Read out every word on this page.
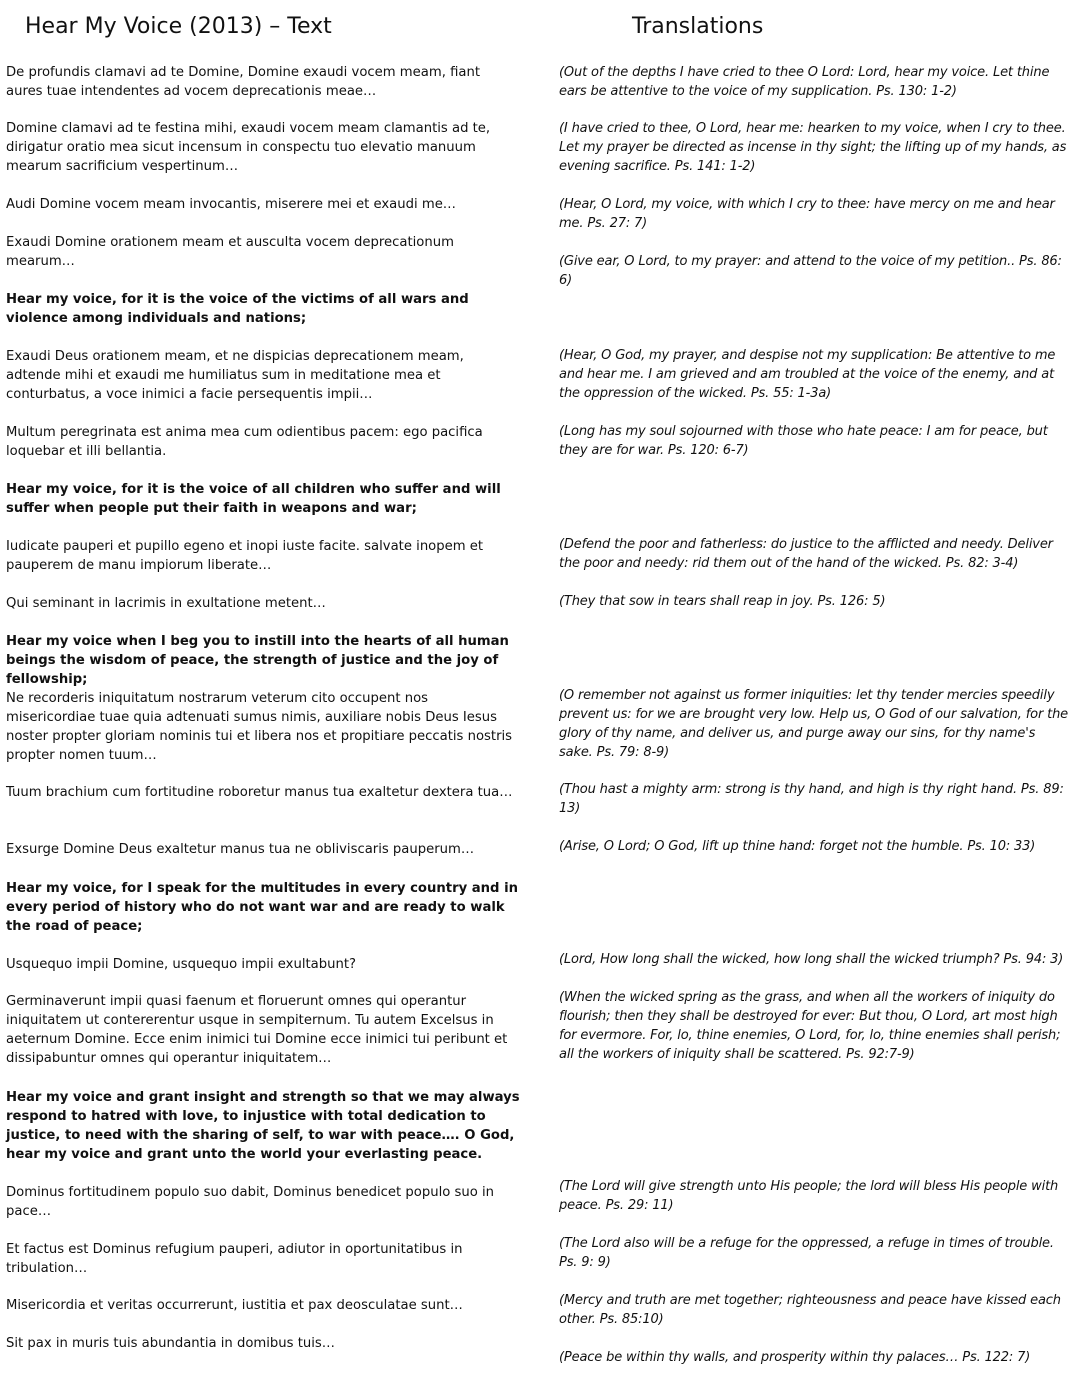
Hear My Voice (2013) – Text	Translations

De profundis clamavi ad te Domine, Domine exaudi vocem meam, fiant aures tuae intendentes ad vocem deprecationis meae…

Domine clamavi ad te festina mihi, exaudi vocem meam clamantis ad te, dirigatur oratio mea sicut incensum in conspectu tuo elevatio manuum mearum sacrificium vespertinum…

Audi Domine vocem meam invocantis, miserere mei et exaudi me…

Exaudi Domine orationem meam et ausculta vocem deprecationum mearum…

Hear my voice, for it is the voice of the victims of all wars and violence among individuals and nations;

Exaudi Deus orationem meam, et ne dispicias deprecationem meam, adtende mihi et exaudi me humiliatus sum in meditatione mea et conturbatus, a voce inimici a facie persequentis impii…

Multum peregrinata est anima mea cum odientibus pacem: ego pacifica loquebar et illi bellantia.

Hear my voice, for it is the voice of all children who suffer and will suffer when people put their faith in weapons and war;

Iudicate pauperi et pupillo egeno et inopi iuste facite. salvate inopem et pauperem de manu impiorum liberate…

Qui seminant in lacrimis in exultatione metent…

Hear my voice when I beg you to instill into the hearts of all human beings the wisdom of peace, the strength of justice and the joy of fellowship;

Ne recorderis iniquitatum nostrarum veterum cito occupent nos misericordiae tuae quia adtenuati sumus nimis, auxiliare nobis Deus Iesus noster propter gloriam nominis tui et libera nos et propitiare peccatis nostris propter nomen tuum…

Tuum brachium cum fortitudine roboretur manus tua exaltetur dextera tua…

Exsurge Domine Deus exaltetur manus tua ne obliviscaris pauperum…

Hear my voice, for I speak for the multitudes in every country and in every period of history who do not want war and are ready to walk the road of peace;

Usquequo impii Domine, usquequo impii exultabunt?

Germinaverunt impii quasi faenum et floruerunt omnes qui operantur iniquitatem ut contererentur usque in sempiternum. Tu autem Excelsus in aeternum Domine. Ecce enim inimici tui Domine ecce inimici tui peribunt et dissipabuntur omnes qui operantur iniquitatem…

Hear my voice and grant insight and strength so that we may always respond to hatred with love, to injustice with total dedication to justice, to need with the sharing of self, to war with peace…. O God, hear my voice and grant unto the world your everlasting peace.

Dominus fortitudinem populo suo dabit, Dominus benedicet populo suo in pace…

Et factus est Dominus refugium pauperi, adiutor in oportunitatibus in tribulation…

Misericordia et veritas occurrerunt, iustitia et pax deosculatae sunt…

Sit pax in muris tuis abundantia in domibus tuis…

(Out of the depths I have cried to thee O Lord: Lord, hear my voice. Let thine ears be attentive to the voice of my supplication. Ps. 130: 1-2)

(I have cried to thee, O Lord, hear me: hearken to my voice, when I cry to thee. Let my prayer be directed as incense in thy sight; the lifting up of my hands, as evening sacrifice. Ps. 141: 1-2)

(Hear, O Lord, my voice, with which I cry to thee: have mercy on me and hear me. Ps. 27: 7)

(Give ear, O Lord, to my prayer: and attend to the voice of my petition.. Ps. 86: 6)

(Hear, O God, my prayer, and despise not my supplication: Be attentive to me and hear me. I am grieved and am troubled at the voice of the enemy, and at the oppression of the wicked. Ps. 55: 1-3a)

(Long has my soul sojourned with those who hate peace: I am for peace, but they are for war. Ps. 120: 6-7)

(Defend the poor and fatherless: do justice to the afflicted and needy. Deliver the poor and needy: rid them out of the hand of the wicked. Ps. 82: 3-4)

(They that sow in tears shall reap in joy. Ps. 126: 5)

(O remember not against us former iniquities: let thy tender mercies speedily prevent us: for we are brought very low. Help us, O God of our salvation, for the glory of thy name, and deliver us, and purge away our sins, for thy name's sake. Ps. 79: 8-9)

(Thou hast a mighty arm: strong is thy hand, and high is thy right hand. Ps. 89: 13)

(Arise, O Lord; O God, lift up thine hand: forget not the humble. Ps. 10: 33)

(Lord, How long shall the wicked, how long shall the wicked triumph? Ps. 94: 3)

(When the wicked spring as the grass, and when all the workers of iniquity do flourish; then they shall be destroyed for ever: But thou, O Lord, art most high for evermore. For, lo, thine enemies, O Lord, for, lo, thine enemies shall perish; all the workers of iniquity shall be scattered. Ps. 92:7-9)

(The Lord will give strength unto His people; the lord will bless His people with peace. Ps. 29: 11)

(The Lord also will be a refuge for the oppressed, a refuge in times of trouble. Ps. 9: 9)

(Mercy and truth are met together; righteousness and peace have kissed each other. Ps. 85:10)

(Peace be within thy walls, and prosperity within thy palaces… Ps. 122: 7)
